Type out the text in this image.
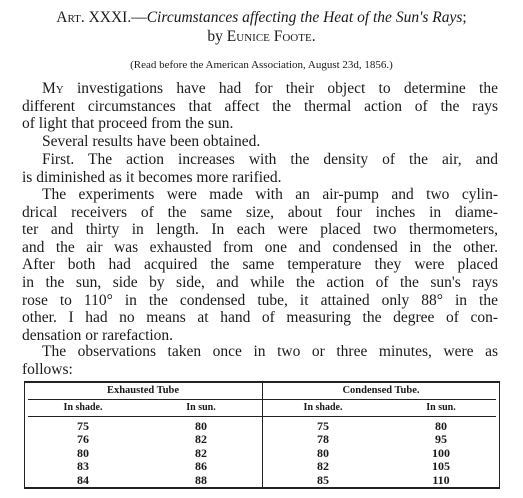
Art. XXXI.—Circumstances affecting the Heat of the Sun's Rays;
by Eunice Foote.
(Read before the American Association, August 23d, 1856.)
My investigations have had for their object to determine the
different circumstances that affect the thermal action of the rays
of light that proceed from the sun.
Several results have been obtained.
First. The action increases with the density of the air, and
is diminished as it becomes more rarified.
The experiments were made with an air-pump and two cylin-
drical receivers of the same size, about four inches in diame-
ter and thirty in length. In each were placed two thermometers,
and the air was exhausted from one and condensed in the other.
After both had acquired the same temperature they were placed
in the sun, side by side, and while the action of the sun's rays
rose to 110° in the condensed tube, it attained only 88° in the
other. I had no means at hand of measuring the degree of con-
densation or rarefaction.
The observations taken once in two or three minutes, were as
follows:
Exhausted Tube	Condensed Tube.
In shade.	In sun.	In shade.	In sun.
75	80	75	80
76	82	78	95
80	82	80	100
83	86	82	105
84	88	85	110
